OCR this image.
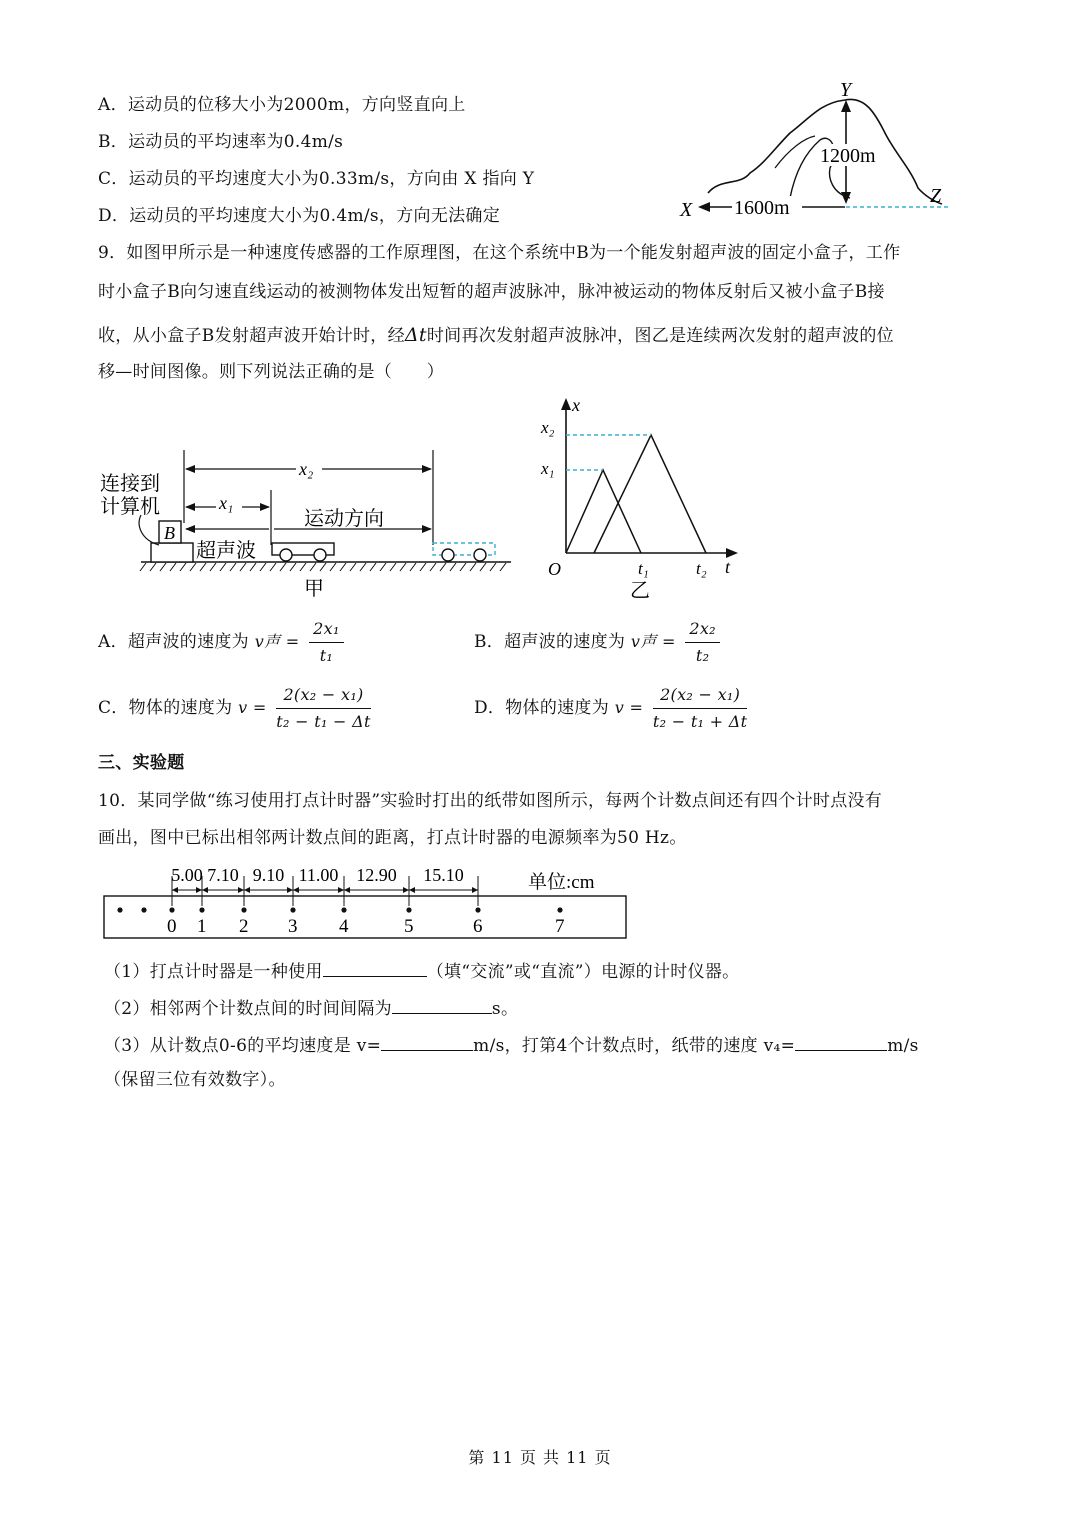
A．运动员的位移大小为2000m，方向竖直向上
B．运动员的平均速率为0.4m/s
C．运动员的平均速度大小为0.33m/s，方向由 X 指向 Y
D．运动员的平均速度大小为0.4m/s，方向无法确定
Y
X
Z
1200m
1600m
9．如图甲所示是一种速度传感器的工作原理图，在这个系统中B为一个能发射超声波的固定小盒子，工作
时小盒子B向匀速直线运动的被测物体发出短暂的超声波脉冲，脉冲被运动的物体反射后又被小盒子B接
收，从小盒子B发射超声波开始计时，经Δt时间再次发射超声波脉冲，图乙是连续两次发射的超声波的位
移—时间图像。则下列说法正确的是（　　）
B
连接到
计算机
x₂
x₁
超声波
运动方向
甲
x
t
O
x₂
x₁
t₁	t₂
乙
A．超声波的速度为 v声 = $\frac{\text{2x₁}}{\text{t₁}}$	B．超声波的速度为 v声 = $\frac{\text{2x₂}}{\text{t₂}}$
C．物体的速度为 $v = \frac{\text{2(x₂ − x₁)}}{\text{t₂ − t₁ − Δt}}$	D．物体的速度为 $v = \frac{\text{2(x₂ − x₁)}}{\text{t₂ − t₁ + Δt}}$
三、实验题
10．某同学做“练习使用打点计时器”实验时打出的纸带如图所示，每两个计数点间还有四个计时点没有
画出，图中已标出相邻两计数点间的距离，打点计时器的电源频率为50 Hz。
0 1 2 3 4	5	6	7
5.00 7.10 9.10 11.00 12.90 15.10	单位:cm
（1）打点计时器是一种使用	（填“交流”或“直流”）电源的计时仪器。
（2）相邻两个计数点间的时间间隔为	s。
（3）从计数点0-6的平均速度是 v=	m/s，打第4个计数点时，纸带的速度 v₄=	m/s
（保留三位有效数字）。
第 11 页 共 11 页
